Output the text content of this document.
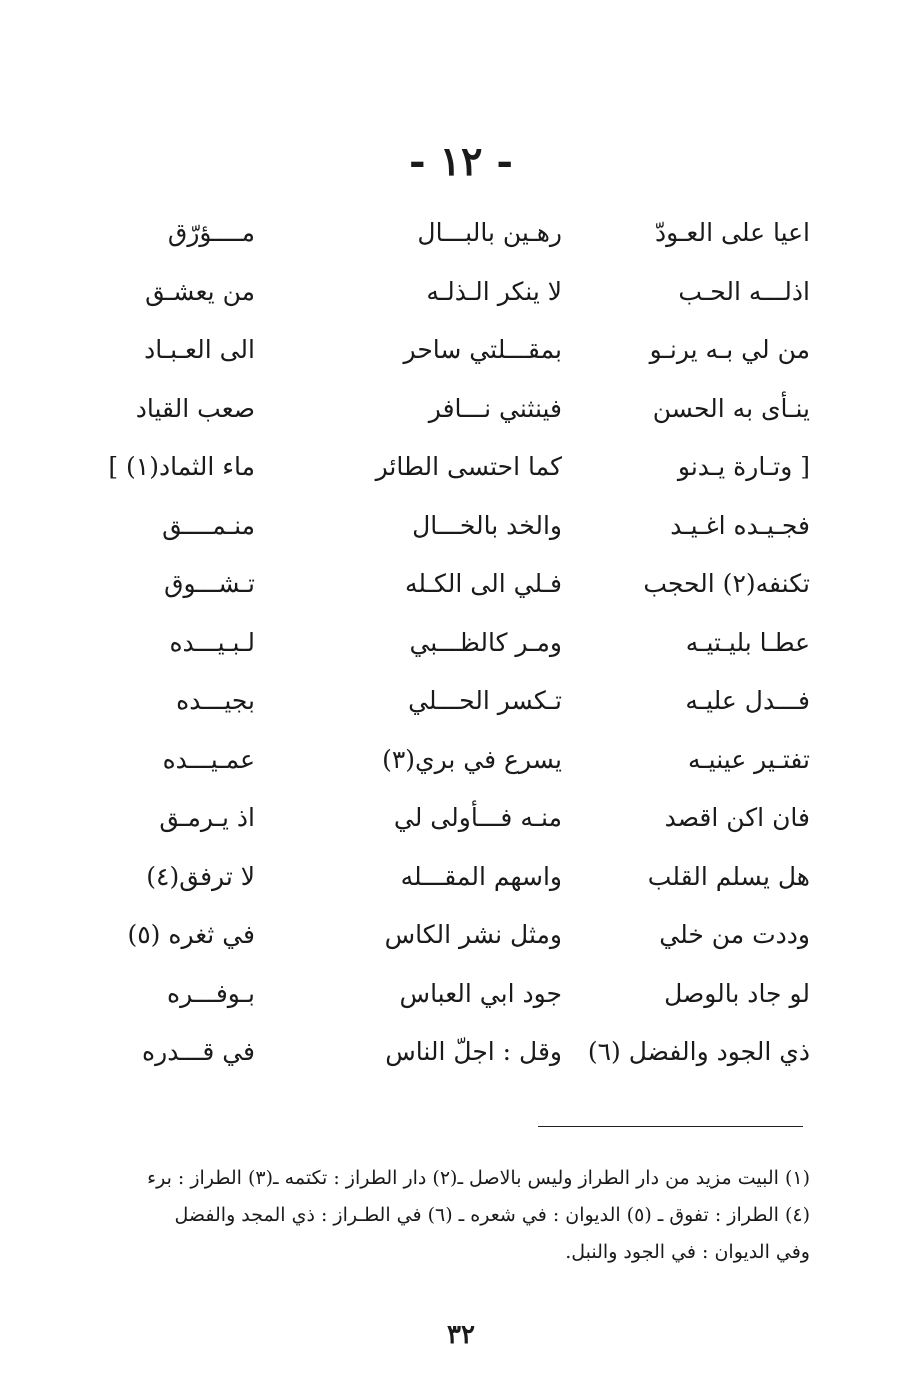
- ١٢ -
اعيا على العـودّ
رهـين بالبـــال
مــــؤرّق
اذلـــه الحـب
لا ينكر الـذلـه
من يعشـق
من لي بـه يرنـو
بمقـــلتي ساحر
الى العـبـاد
ينـأى به الحسن
فينثني نـــافر
صعب القياد
[ وتـارة يـدنو
كما احتسى الطائر
ماء الثماد(١) ]
فجـيـده اغـيـد
والخد بالخـــال
منـمــــق
تكنفه(٢) الحجب
فـلي الى الكـله
تـشـــوق
عطـا بليـتيـه
ومـر كالظـــبي
لـبـيـــده
فـــدل عليـه
تـكسر الحـــلي
بجيـــده
تفتـير عينيـه
يسرع في بري(٣)
عمـيـــده
فان اكن اقصد
منـه فـــأولى لي
اذ يـرمـق
هل يسلم القلب
واسهم المقـــله
لا ترفق(٤)
وددت من خلي
ومثل نشر الكاس
في ثغره (٥)
لو جاد بالوصل
جود ابي العباس
بـوفـــره
ذي الجود والفضل (٦)
وقل : اجلّ الناس
في قـــدره
(١) البيت مزيد من دار الطراز وليس بالاصل ـ(٢) دار الطراز : تكتمه ـ(٣) الطراز : برء
(٤) الطراز : تفوق ـ (٥) الديوان : في شعره ـ (٦) في الطـراز : ذي المجد والفضل
وفي الديوان : في الجود والنبل.
٣٢
